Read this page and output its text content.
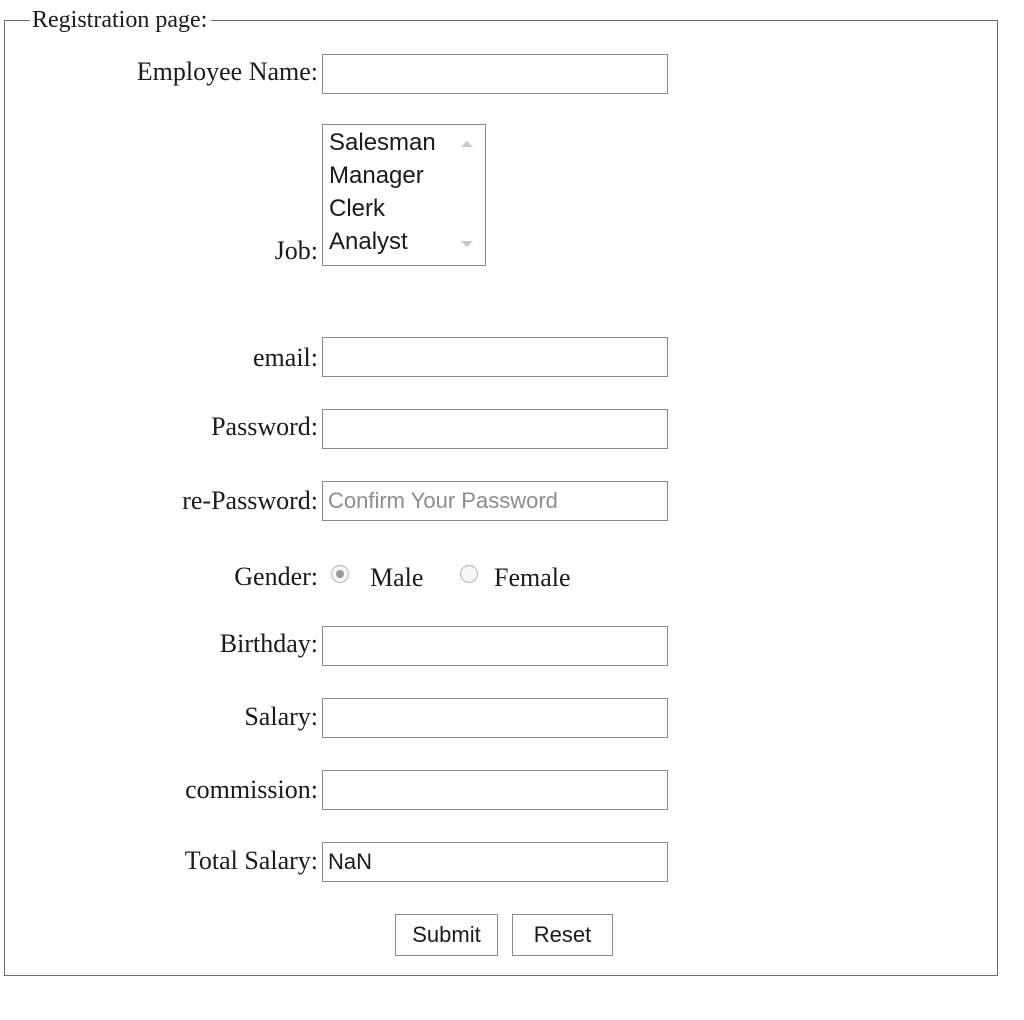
Registration page:
Employee Name:
Job:
Salesman
Manager
Clerk
Analyst
email:
Password:
re-Password: Confirm Your Password
Gender: Male	Female
Birthday:
Salary:
commission:
Total Salary: NaN
Submit	Reset
